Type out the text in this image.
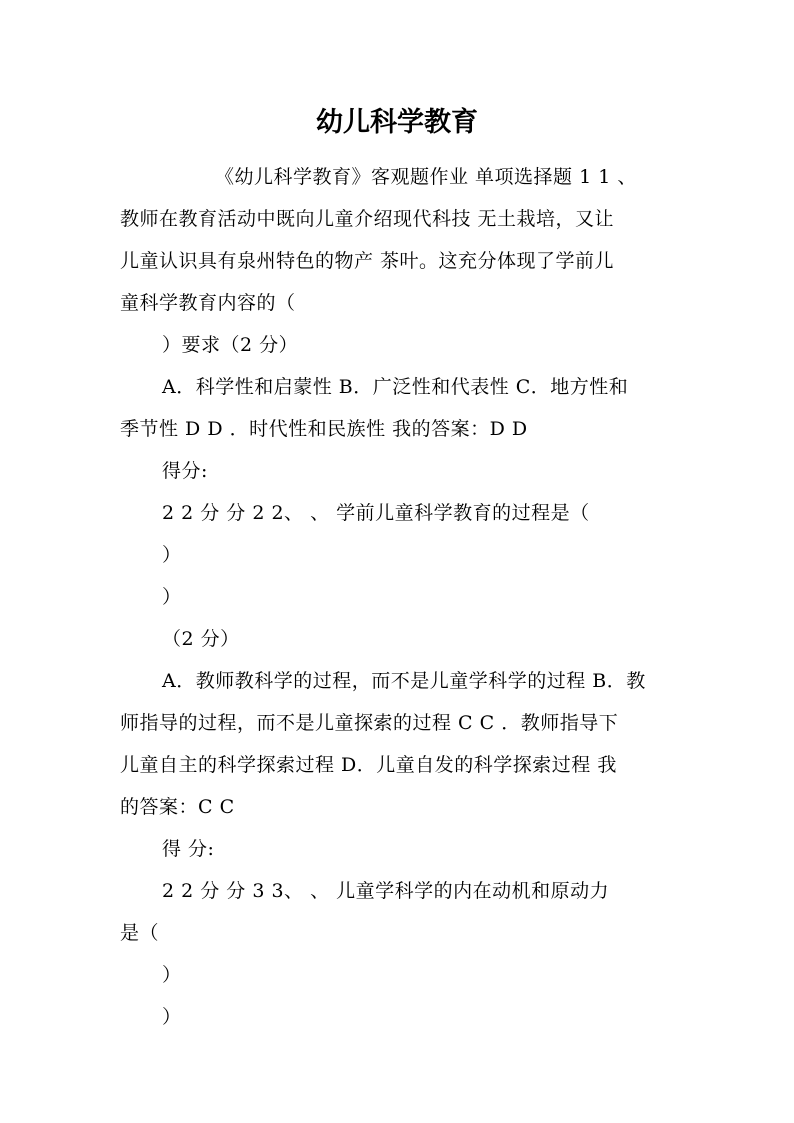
幼儿科学教育
《幼儿科学教育》客观题作业 单项选择题 1 1 、
教师在教育活动中既向儿童介绍现代科技 无土栽培，又让
儿童认识具有泉州特色的物产 茶叶。这充分体现了学前儿
童科学教育内容的（
）要求（2 分）
A．科学性和启蒙性 B．广泛性和代表性 C．地方性和
季节性 D D ．时代性和民族性 我的答案：D D
得分:
2 2 分 分 2 2、 、 学前儿童科学教育的过程是（
）
）
（2 分）
A．教师教科学的过程，而不是儿童学科学的过程 B．教
师指导的过程，而不是儿童探索的过程 C C ．教师指导下
儿童自主的科学探索过程 D．儿童自发的科学探索过程 我
的答案：C C
得 分:
2 2 分 分 3 3、 、 儿童学科学的内在动机和原动力
是（
）
）
